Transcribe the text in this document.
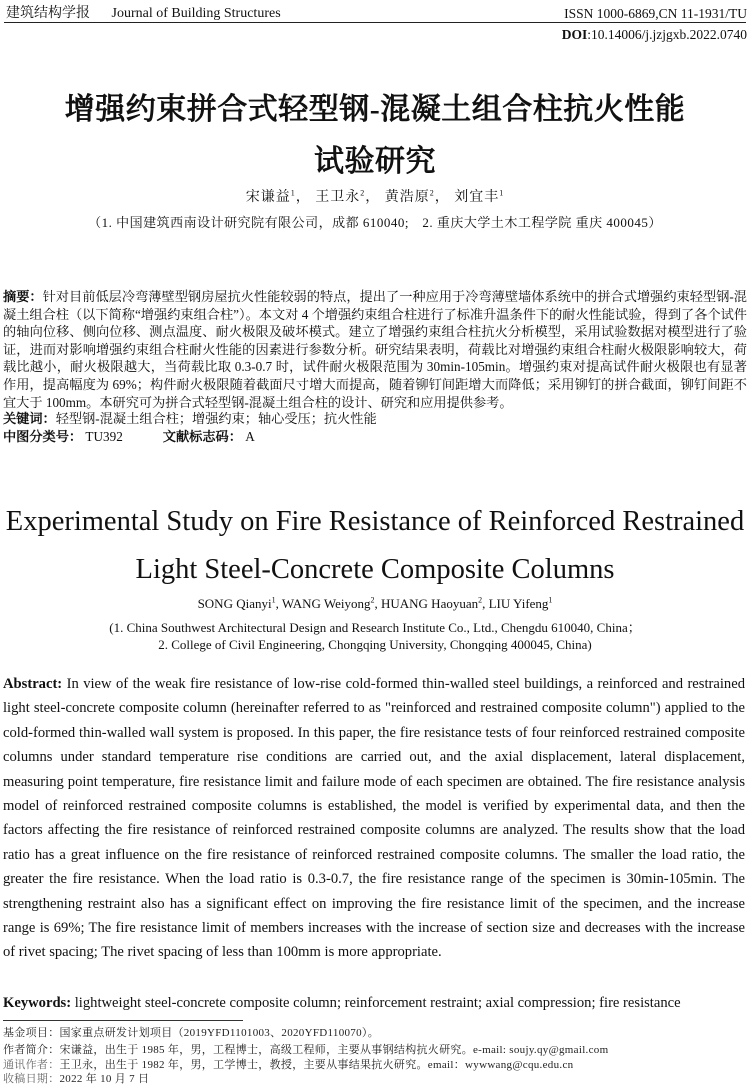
建筑结构学报 Journal of Building Structures	ISSN 1000-6869,CN 11-1931/TU
DOI:10.14006/j.jzjgxb.2022.0740
增强约束拼合式轻型钢-混凝土组合柱抗火性能
试验研究
宋谦益$^1$， 王卫永$^2$， 黄浩原$^2$， 刘宜丰$^1$
（1. 中国建筑西南设计研究院有限公司，成都 610040;　2. 重庆大学土木工程学院 重庆 400045）
摘要：针对目前低层冷弯薄壁型钢房屋抗火性能较弱的特点，提出了一种应用于冷弯薄壁墙体系统中的拼合式增强约束轻型钢-混凝土组合柱（以下简称“增强约束组合柱”）。本文对 4 个增强约束组合柱进行了标准升温条件下的耐火性能试验，得到了各个试件的轴向位移、侧向位移、测点温度、耐火极限及破坏模式。建立了增强约束组合柱抗火分析模型，采用试验数据对模型进行了验证，进而对影响增强约束组合柱耐火性能的因素进行参数分析。研究结果表明，荷载比对增强约束组合柱耐火极限影响较大，荷载比越小，耐火极限越大，当荷载比取 0.3-0.7 时，试件耐火极限范围为 30min-105min。增强约束对提高试件耐火极限也有显著作用，提高幅度为 69%；构件耐火极限随着截面尺寸增大而提高，随着铆钉间距增大而降低；采用铆钉的拼合截面，铆钉间距不宜大于 100mm。本研究可为拼合式轻型钢-混凝土组合柱的设计、研究和应用提供参考。
关键词：轻型钢-混凝土组合柱；增强约束；轴心受压；抗火性能
中图分类号： TU392	文献标志码： A
Experimental Study on Fire Resistance of Reinforced Restrained
Light Steel-Concrete Composite Columns
SONG Qianyi$^1$, WANG Weiyong$^2$, HUANG Haoyuan$^2$, LIU Yifeng$^1$
(1. China Southwest Architectural Design and Research Institute Co., Ltd., Chengdu 610040, China；
2. College of Civil Engineering, Chongqing University, Chongqing 400045, China)
Abstract: In view of the weak fire resistance of low-rise cold-formed thin-walled steel buildings, a reinforced and restrained light steel-concrete composite column (hereinafter referred to as "reinforced and restrained composite column") applied to the cold-formed thin-walled wall system is proposed. In this paper, the fire resistance tests of four reinforced restrained composite columns under standard temperature rise conditions are carried out, and the axial displacement, lateral displacement, measuring point temperature, fire resistance limit and failure mode of each specimen are obtained. The fire resistance analysis model of reinforced restrained composite columns is established, the model is verified by experimental data, and then the factors affecting the fire resistance of reinforced restrained composite columns are analyzed. The results show that the load ratio has a great influence on the fire resistance of reinforced restrained composite columns. The smaller the load ratio, the greater the fire resistance. When the load ratio is 0.3-0.7, the fire resistance range of the specimen is 30min-105min. The strengthening restraint also has a significant effect on improving the fire resistance limit of the specimen, and the increase range is 69%; The fire resistance limit of members increases with the increase of section size and decreases with the increase of rivet spacing; The rivet spacing of less than 100mm is more appropriate.
Keywords: lightweight steel-concrete composite column; reinforcement restraint; axial compression; fire resistance
基金项目：国家重点研发计划项目（2019YFD1101003、2020YFD110070）。
作者简介：宋谦益，出生于 1985 年，男，工程博士，高级工程师，主要从事钢结构抗火研究。e-mail: soujy.qy@gmail.com
通讯作者：王卫永，出生于 1982 年，男，工学博士，教授，主要从事结果抗火研究。email：wywwang@cqu.edu.cn
收稿日期：2022 年 10 月 7 日
